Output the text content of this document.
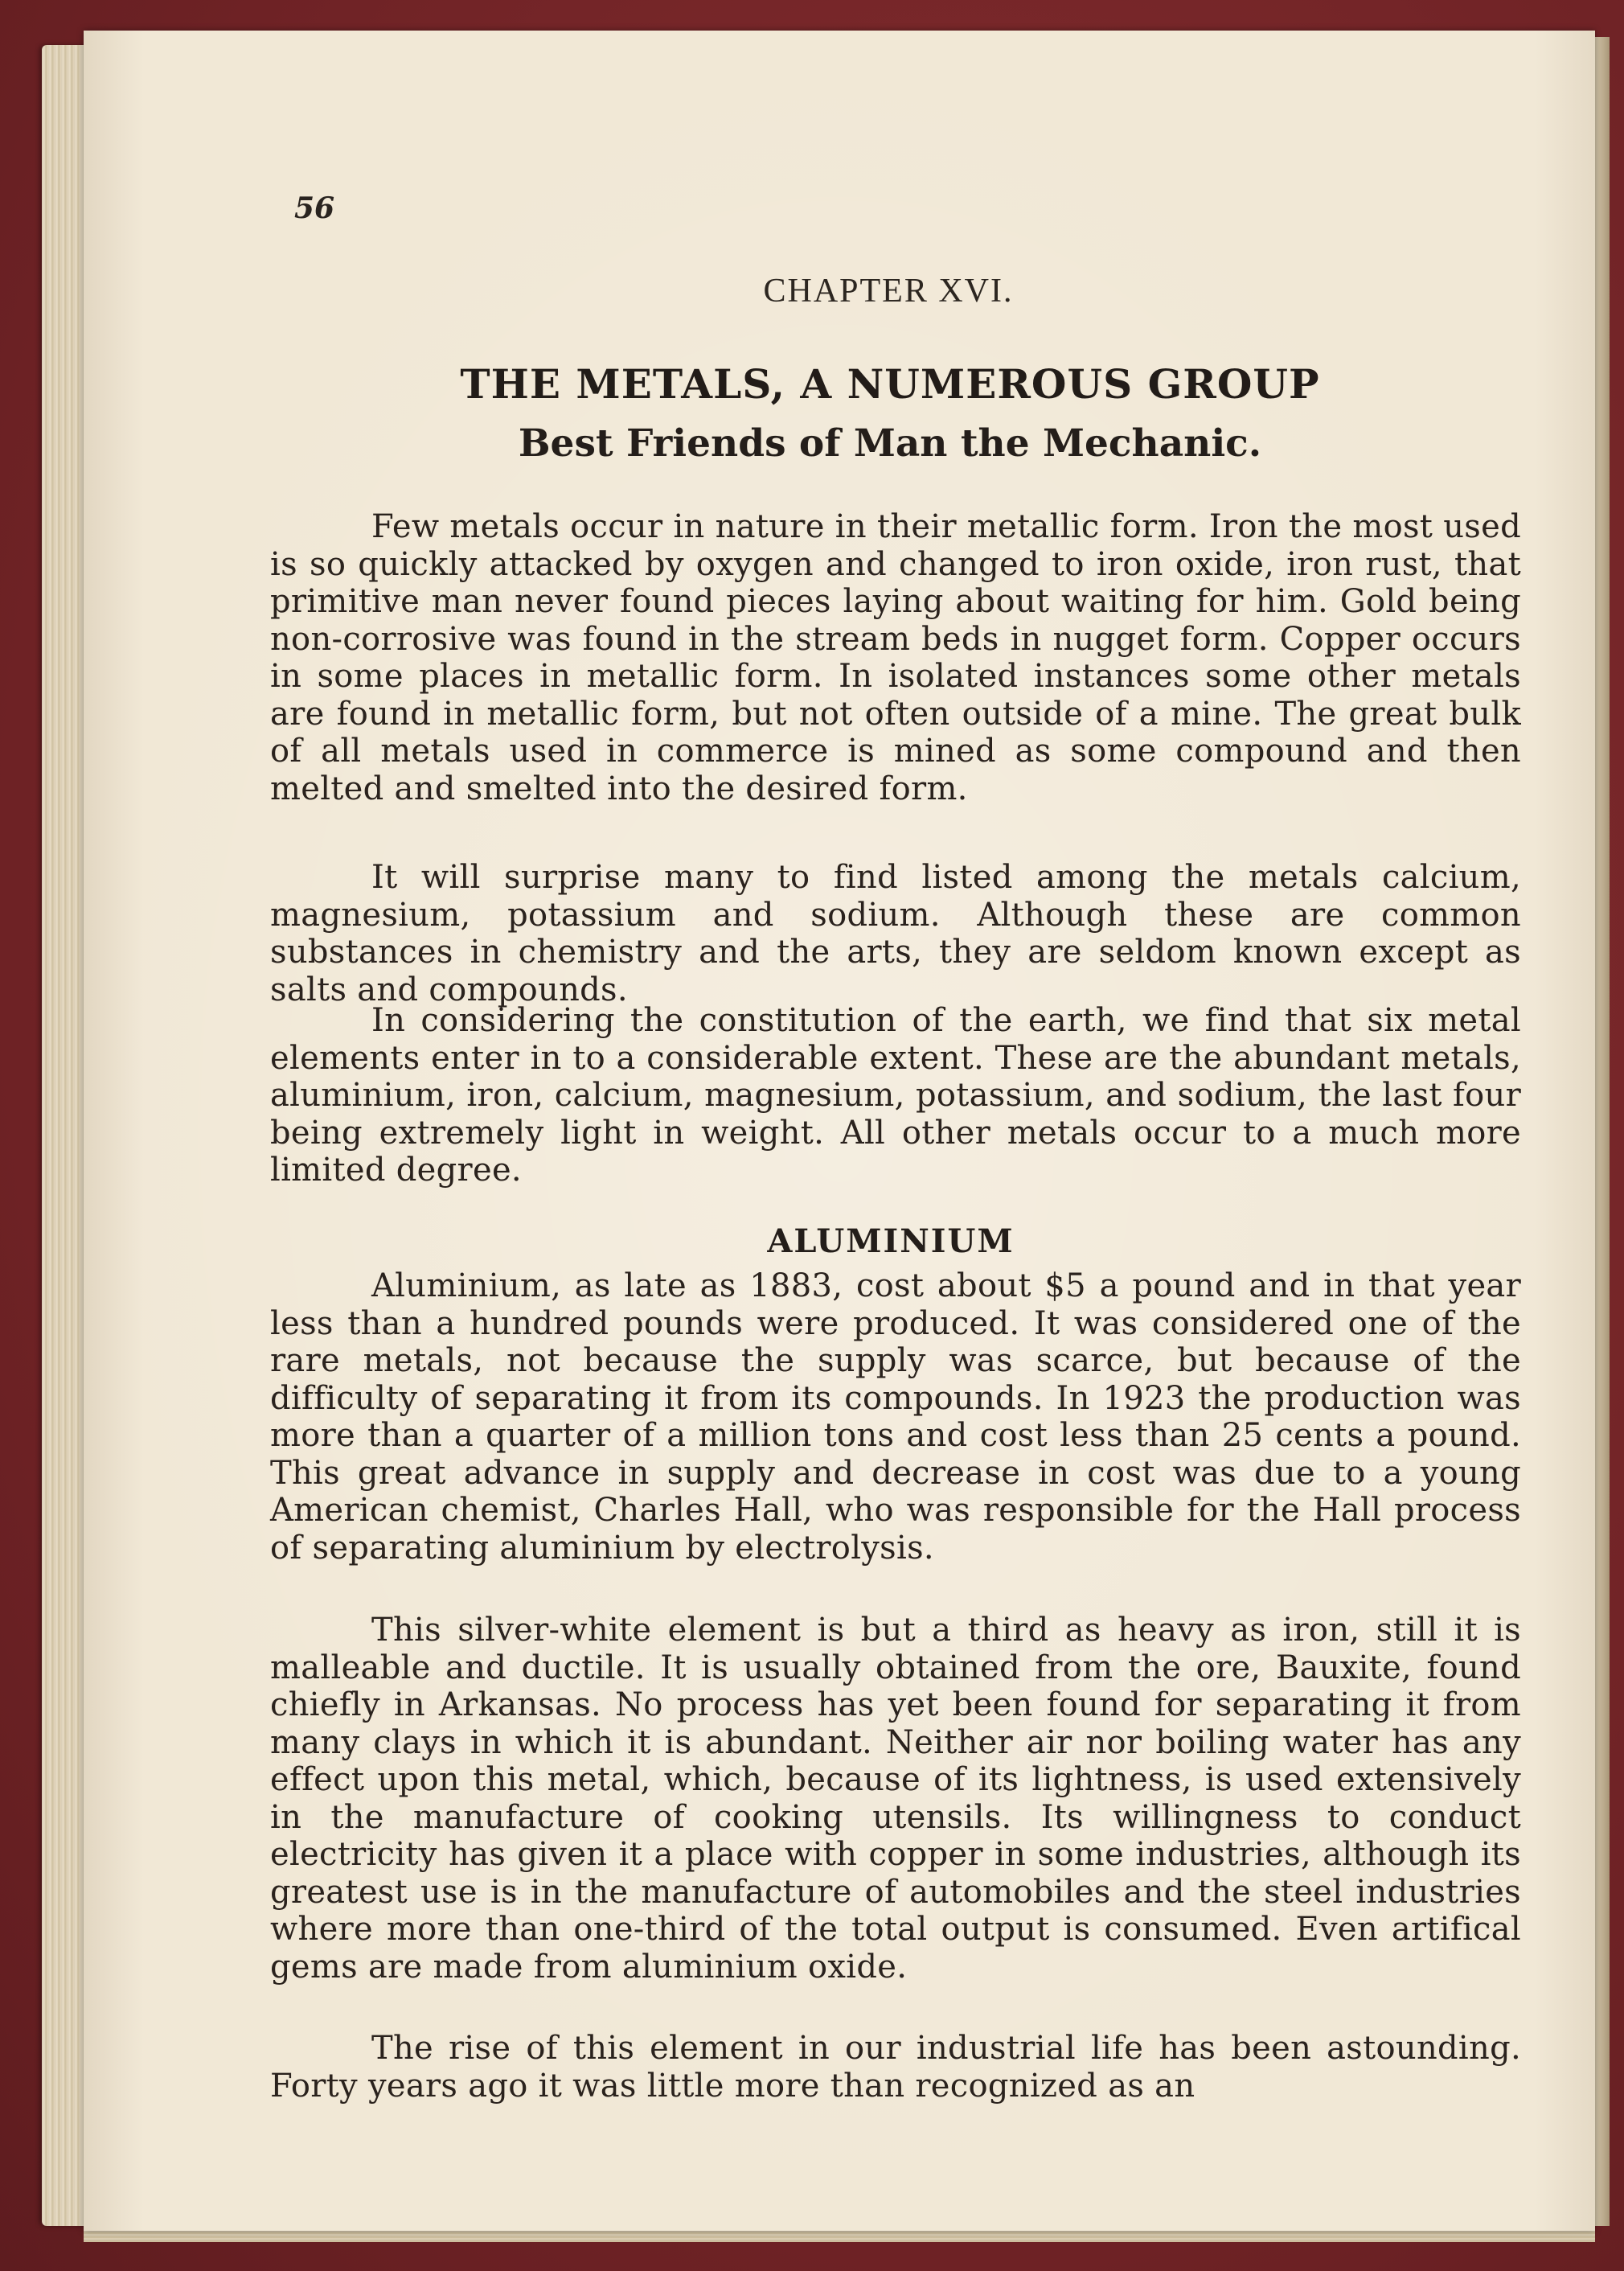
56

CHAPTER XVI.

THE METALS, A NUMEROUS GROUP
Best Friends of Man the Mechanic.

Few metals occur in nature in their metallic form. Iron the most used is so quickly attacked by oxygen and changed to iron oxide, iron rust, that primitive man never found pieces laying about waiting for him. Gold being non-corrosive was found in the stream beds in nugget form. Copper occurs in some places in metallic form. In isolated instances some other metals are found in metallic form, but not often outside of a mine. The great bulk of all metals used in commerce is mined as some compound and then melted and smelted into the desired form.

It will surprise many to find listed among the metals calcium, magnesium, potassium and sodium. Although these are common substances in chemistry and the arts, they are seldom known except as salts and compounds.

In considering the constitution of the earth, we find that six metal elements enter in to a considerable extent. These are the abundant metals, aluminium, iron, calcium, magnesium, potassium, and sodium, the last four being extremely light in weight. All other metals occur to a much more limited degree.

ALUMINIUM

Aluminium, as late as 1883, cost about $5 a pound and in that year less than a hundred pounds were produced. It was considered one of the rare metals, not because the supply was scarce, but because of the difficulty of separating it from its compounds. In 1923 the production was more than a quarter of a million tons and cost less than 25 cents a pound. This great advance in supply and decrease in cost was due to a young American chemist, Charles Hall, who was responsible for the Hall process of separating aluminium by electrolysis.

This silver-white element is but a third as heavy as iron, still it is malleable and ductile. It is usually obtained from the ore, Bauxite, found chiefly in Arkansas. No process has yet been found for separating it from many clays in which it is abundant. Neither air nor boiling water has any effect upon this metal, which, because of its lightness, is used extensively in the manufacture of cooking utensils. Its willingness to conduct electricity has given it a place with copper in some industries, although its greatest use is in the manufacture of automobiles and the steel industries where more than one-third of the total output is consumed. Even artifical gems are made from aluminium oxide.

The rise of this element in our industrial life has been astounding. Forty years ago it was little more than recognized as an
